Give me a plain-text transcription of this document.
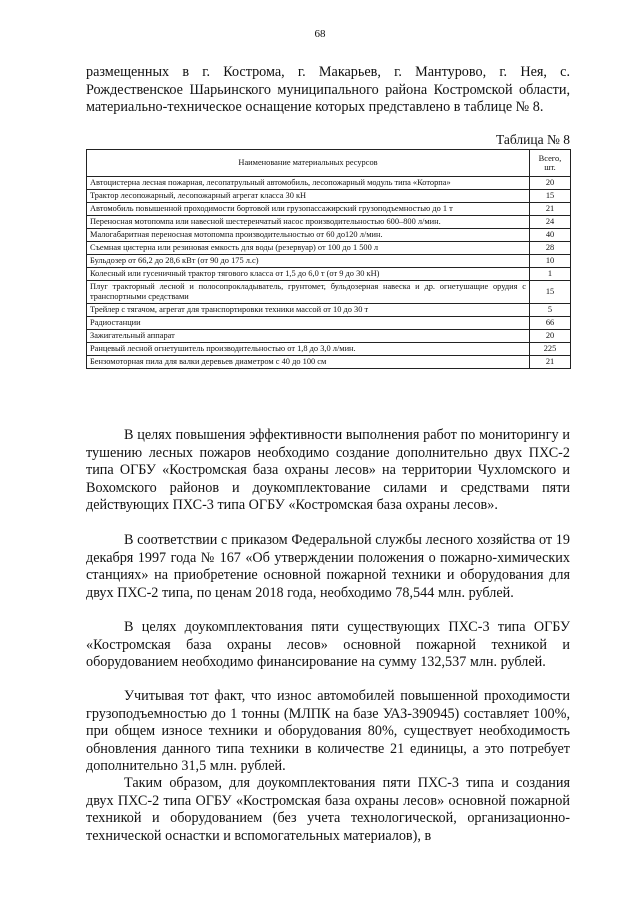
68

размещенных в г. Кострома, г. Макарьев, г. Мантурово, г. Нея, с. Рождественское Шарьинского муниципального района Костромской области, материально-техническое оснащение которых представлено в таблице № 8.

Таблица № 8
Наименование материальных ресурсов	Всего, шт.
Автоцистерна лесная пожарная, лесопатрульный автомобиль, лесопожарный модуль типа «Которпа»	20
Трактор лесопожарный, лесопожарный агрегат класса 30 кН	15
Автомобиль повышенной проходимости бортовой или грузопассажирский грузоподъемностью до 1 т	21
Переносная мотопомпа или навесной шестеренчатый насос производительностью 600–800 л/мин.	24
Малогабаритная переносная мотопомпа производительностью от 60 до120 л/мин.	40
Съемная цистерна или резиновая емкость для воды (резервуар) от 100 до 1 500 л	28
Бульдозер от 66,2 до 28,6 кВт (от 90 до 175 л.с)	10
Колесный или гусеничный трактор тягового класса от 1,5 до 6,0 т (от 9 до 30 кН)	1
Плуг тракторный лесной и полосопрокладыватель, грунтомет, бульдозерная навеска и др. огнетушащие орудия с транспортными средствами	15
Трейлер с тягачом, агрегат для транспортировки техники массой от 10 до 30 т	5
Радиостанции	66
Зажигательный аппарат	20
Ранцевый лесной огнетушитель производительностью от 1,8 до 3,0 л/мин.	225
Бензомоторная пила для валки деревьев диаметром с 40 до 100 см	21

В целях повышения эффективности выполнения работ по мониторингу и тушению лесных пожаров необходимо создание дополнительно двух ПХС-2 типа ОГБУ «Костромская база охраны лесов» на территории Чухломского и Вохомского районов и доукомплектование силами и средствами пяти действующих ПХС-3 типа ОГБУ «Костромская база охраны лесов».

В соответствии с приказом Федеральной службы лесного хозяйства от 19 декабря 1997 года № 167 «Об утверждении положения о пожарно-химических станциях» на приобретение основной пожарной техники и оборудования для двух ПХС-2 типа, по ценам 2018 года, необходимо 78,544 млн. рублей.

В целях доукомплектования пяти существующих ПХС-3 типа ОГБУ «Костромская база охраны лесов» основной пожарной техникой и оборудованием необходимо финансирование на сумму 132,537 млн. рублей.

Учитывая тот факт, что износ автомобилей повышенной проходимости грузоподъемностью до 1 тонны (МЛПК на базе УАЗ-390945) составляет 100%, при общем износе техники и оборудования 80%, существует необходимость обновления данного типа техники в количестве 21 единицы, а это потребует дополнительно 31,5 млн. рублей.

Таким образом, для доукомплектования пяти ПХС-3 типа и создания двух ПХС-2 типа ОГБУ «Костромская база охраны лесов» основной пожарной техникой и оборудованием (без учета технологической, организационно-технической оснастки и вспомогательных материалов), в
